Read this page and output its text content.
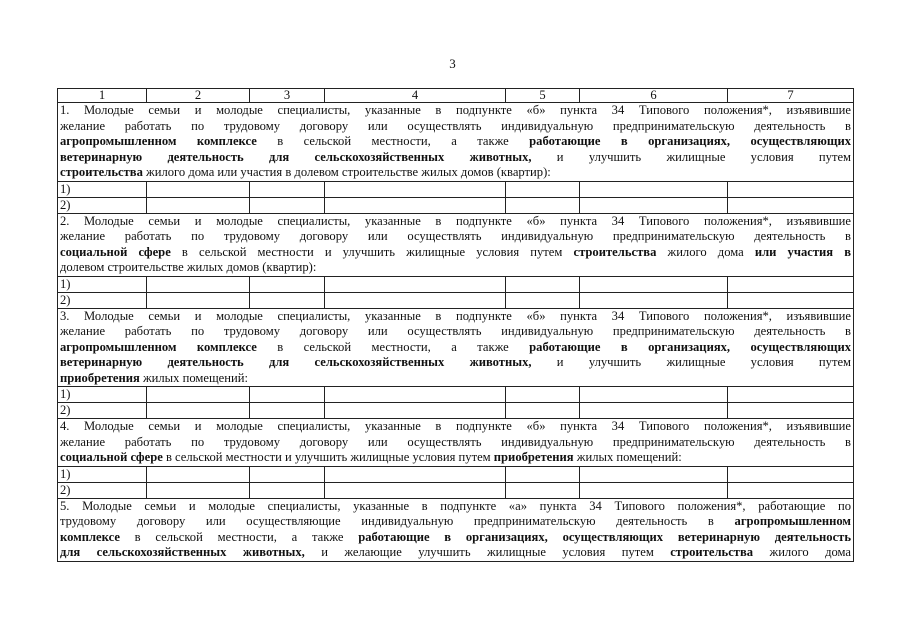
3
1	2	3	4	5	6	7

1. Молодые семьи и молодые специалисты, указанные в подпункте «б» пункта 34 Типового положения*, изъявившие
желание работать по трудовому договору или осуществлять индивидуальную предпринимательскую деятельность в
агропромышленном комплексе в сельской местности, а также работающие в организациях, осуществляющих
ветеринарную деятельность для сельскохозяйственных животных, и улучшить жилищные условия путем
строительства жилого дома или участия в долевом строительстве жилых домов (квартир):						

1)						
2)						

2. Молодые семьи и молодые специалисты, указанные в подпункте «б» пункта 34 Типового положения*, изъявившие
желание работать по трудовому договору или осуществлять индивидуальную предпринимательскую деятельность в
социальной сфере в сельской местности и улучшить жилищные условия путем строительства жилого дома или участия в
долевом строительстве жилых домов (квартир):						

1)						
2)						

3. Молодые семьи и молодые специалисты, указанные в подпункте «б» пункта 34 Типового положения*, изъявившие
желание работать по трудовому договору или осуществлять индивидуальную предпринимательскую деятельность в
агропромышленном комплексе в сельской местности, а также работающие в организациях, осуществляющих
ветеринарную деятельность для сельскохозяйственных животных, и улучшить жилищные условия путем
приобретения жилых помещений:						

1)						
2)						

4. Молодые семьи и молодые специалисты, указанные в подпункте «б» пункта 34 Типового положения*, изъявившие
желание работать по трудовому договору или осуществлять индивидуальную предпринимательскую деятельность в
социальной сфере в сельской местности и улучшить жилищные условия путем приобретения жилых помещений:						

1)						
2)						

5. Молодые семьи и молодые специалисты, указанные в подпункте «а» пункта 34 Типового положения*, работающие по
трудовому договору или осуществляющие индивидуальную предпринимательскую деятельность в агропромышленном
комплексе в сельской местности, а также работающие в организациях, осуществляющих ветеринарную деятельность
для сельскохозяйственных животных, и желающие улучшить жилищные условия путем строительства жилого дома						
